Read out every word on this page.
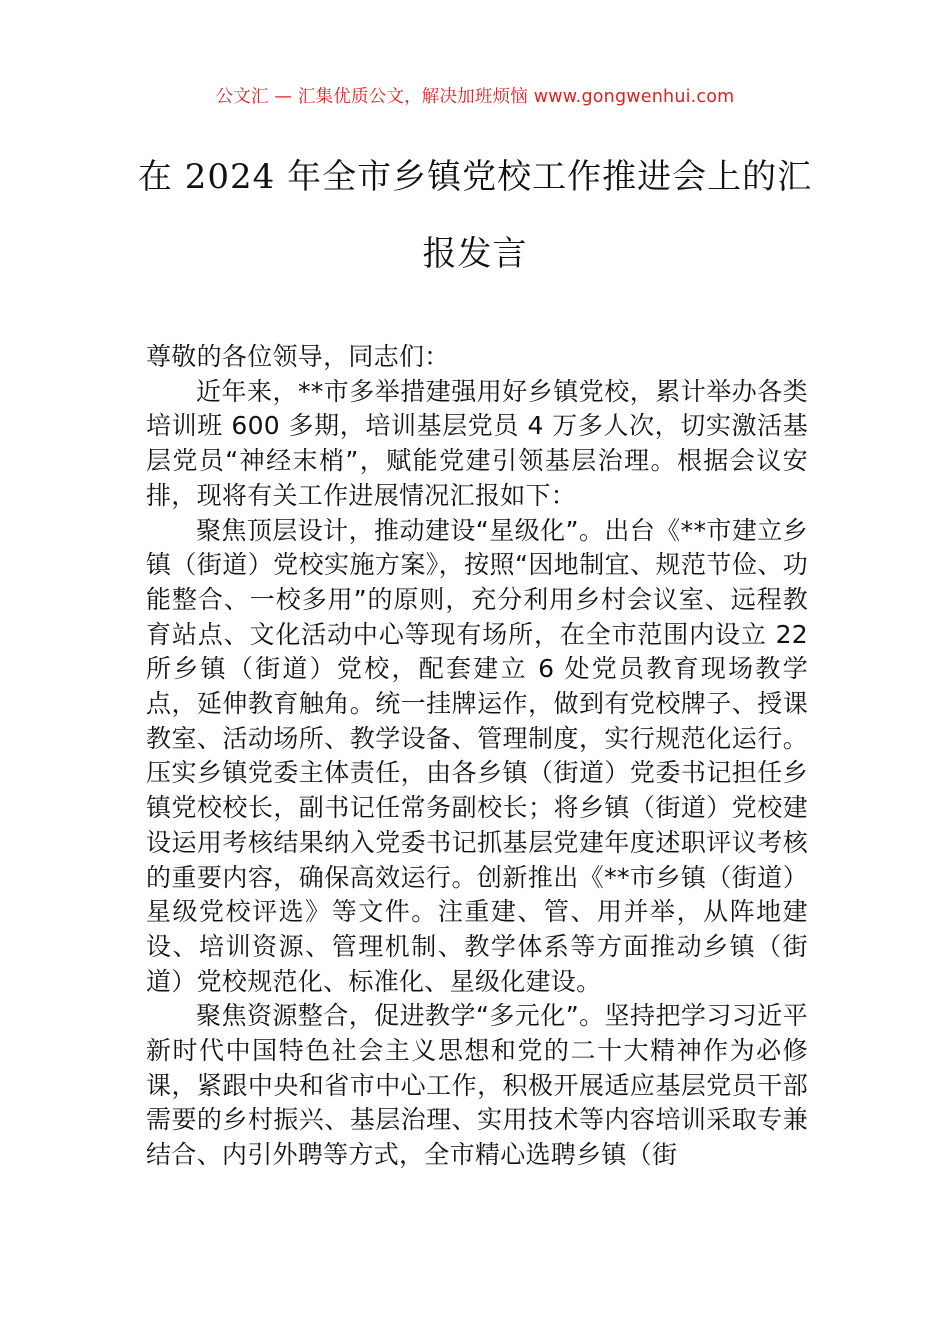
公文汇 — 汇集优质公文，解决加班烦恼 www.gongwenhui.com
在 2024 年全市乡镇党校工作推进会上的汇
报发言

尊敬的各位领导，同志们：

近年来，**市多举措建强用好乡镇党校，累计举办各类培训班 600 多期，培训基层党员 4 万多人次，切实激活基层党员“神经末梢”，赋能党建引领基层治理。根据会议安排，现将有关工作进展情况汇报如下：

聚焦顶层设计，推动建设“星级化”。出台《**市建立乡镇（街道）党校实施方案》，按照“因地制宜、规范节俭、功能整合、一校多用”的原则，充分利用乡村会议室、远程教育站点、文化活动中心等现有场所，在全市范围内设立 22 所乡镇（街道）党校，配套建立 6 处党员教育现场教学点，延伸教育触角。统一挂牌运作，做到有党校牌子、授课教室、活动场所、教学设备、管理制度，实行规范化运行。压实乡镇党委主体责任，由各乡镇（街道）党委书记担任乡镇党校校长，副书记任常务副校长；将乡镇（街道）党校建设运用考核结果纳入党委书记抓基层党建年度述职评议考核的重要内容，确保高效运行。创新推出《**市乡镇（街道）星级党校评选》等文件。注重建、管、用并举，从阵地建设、培训资源、管理机制、教学体系等方面推动乡镇（街道）党校规范化、标准化、星级化建设。

聚焦资源整合，促进教学“多元化”。坚持把学习习近平新时代中国特色社会主义思想和党的二十大精神作为必修课，紧跟中央和省市中心工作，积极开展适应基层党员干部需要的乡村振兴、基层治理、实用技术等内容培训采取专兼结合、内引外聘等方式，全市精心选聘乡镇（街
